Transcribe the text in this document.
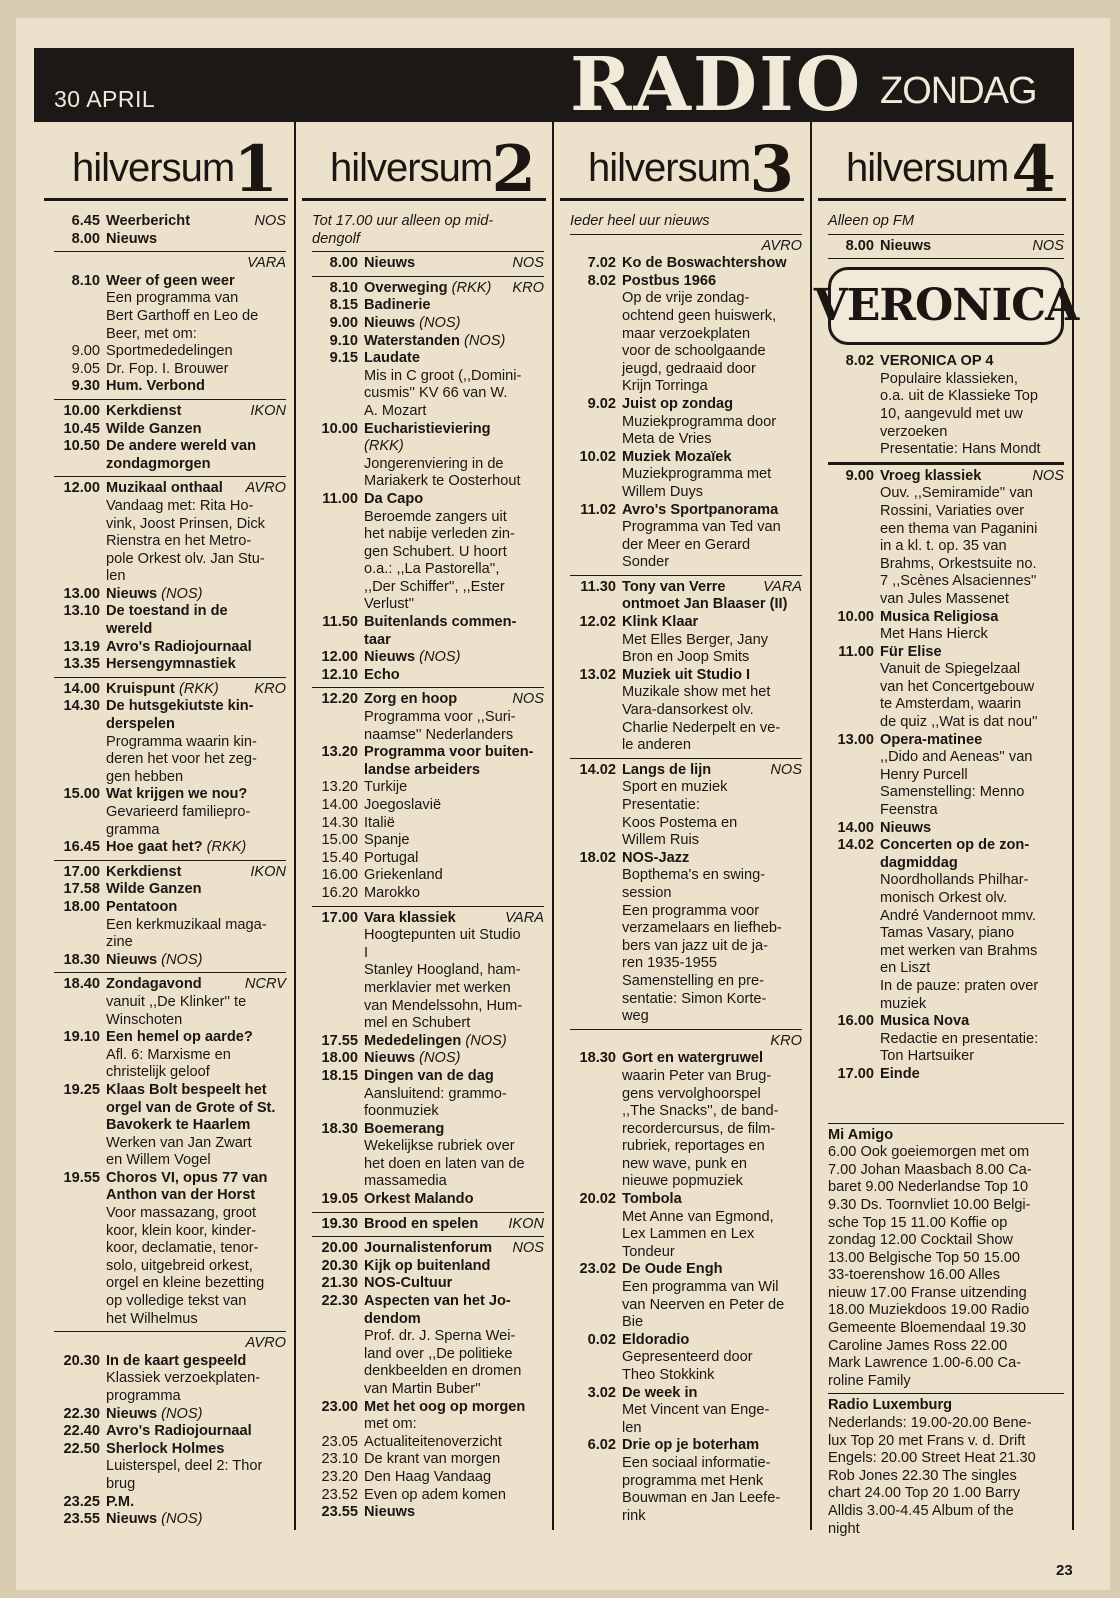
30 APRIL	RADIO ZONDAG
hilversum 1
6.45 Weerbericht	NOS
8.00 Nieuws
VARA
8.10 Weer of geen weer
Een programma van
Bert Garthoff en Leo de
Beer, met om:
9.00 Sportmededelingen
9.05 Dr. Fop. I. Brouwer
9.30 Hum. Verbond
10.00 Kerkdienst	IKON
10.45 Wilde Ganzen
10.50 De andere wereld van
zondagmorgen
12.00 Muzikaal onthaal AVRO
Vandaag met: Rita Ho-
vink, Joost Prinsen, Dick
Rienstra en het Metro-
pole Orkest olv. Jan Stu-
len
13.00 Nieuws (NOS)
13.10 De toestand in de
wereld
13.19 Avro's Radiojournaal
13.35 Hersengymnastiek
14.00 Kruispunt (RKK) KRO
14.30 De hutsgekiutste kin-
derspelen
Programma waarin kin-
deren het voor het zeg-
gen hebben
15.00 Wat krijgen we nou?
Gevarieerd familiepro-
gramma
16.45 Hoe gaat het? (RKK)
17.00 Kerkdienst	IKON
17.58 Wilde Ganzen
18.00 Pentatoon
Een kerkmuzikaal maga-
zine
18.30 Nieuws (NOS)
18.40 Zondagavond	NCRV
vanuit ,,De Klinker'' te
Winschoten
19.10 Een hemel op aarde?
Afl. 6: Marxisme en
christelijk geloof
19.25 Klaas Bolt bespeelt het
orgel van de Grote of St.
Bavokerk te Haarlem
Werken van Jan Zwart
en Willem Vogel
19.55 Choros VI, opus 77 van
Anthon van der Horst
Voor massazang, groot
koor, klein koor, kinder-
koor, declamatie, tenor-
solo, uitgebreid orkest,
orgel en kleine bezetting
op volledige tekst van
het Wilhelmus
AVRO
20.30 In de kaart gespeeld
Klassiek verzoekplaten-
programma
22.30 Nieuws (NOS)
22.40 Avro's Radiojournaal
22.50 Sherlock Holmes
Luisterspel, deel 2: Thor
brug
23.25 P.M.
23.55 Nieuws (NOS)
hilversum 2
Tot 17.00 uur alleen op mid-
dengolf
8.00 Nieuws	NOS
8.10 Overweging (RKK) KRO
8.15 Badinerie
9.00 Nieuws (NOS)
9.10 Waterstanden (NOS)
9.15 Laudate
Mis in C groot (,,Domini-
cusmis'' KV 66 van W.
A. Mozart
10.00 Eucharistieviering
(RKK)
Jongerenviering in de
Mariakerk te Oosterhout
11.00 Da Capo
Beroemde zangers uit
het nabije verleden zin-
gen Schubert. U hoort
o.a.: ,,La Pastorella'',
,,Der Schiffer'', ,,Ester
Verlust''
11.50 Buitenlands commen-
taar
12.00 Nieuws (NOS)
12.10 Echo
12.20 Zorg en hoop	NOS
Programma voor ,,Suri-
naamse'' Nederlanders
13.20 Programma voor buiten-
landse arbeiders
13.20 Turkije
14.00 Joegoslavië
14.30 Italië
15.00 Spanje
15.40 Portugal
16.00 Griekenland
16.20 Marokko
17.00 Vara klassiek	VARA
Hoogtepunten uit Studio
I
Stanley Hoogland, ham-
merklavier met werken
van Mendelssohn, Hum-
mel en Schubert
17.55 Mededelingen (NOS)
18.00 Nieuws (NOS)
18.15 Dingen van de dag
Aansluitend: grammo-
foonmuziek
18.30 Boemerang
Wekelijkse rubriek over
het doen en laten van de
massamedia
19.05 Orkest Malando
19.30 Brood en spelen IKON
20.00 Journalistenforum NOS
20.30 Kijk op buitenland
21.30 NOS-Cultuur
22.30 Aspecten van het Jo-
dendom
Prof. dr. J. Sperna Wei-
land over ,,De politieke
denkbeelden en dromen
van Martin Buber''
23.00 Met het oog op morgen
met om:
23.05 Actualiteitenoverzicht
23.10 De krant van morgen
23.20 Den Haag Vandaag
23.52 Even op adem komen
23.55 Nieuws
hilversum 3
Ieder heel uur nieuws
AVRO
7.02 Ko de Boswachtershow
8.02 Postbus 1966
Op de vrije zondag-
ochtend geen huiswerk,
maar verzoekplaten
voor de schoolgaande
jeugd, gedraaid door
Krijn Torringa
9.02 Juist op zondag
Muziekprogramma door
Meta de Vries
10.02 Muziek Mozaïek
Muziekprogramma met
Willem Duys
11.02 Avro's Sportpanorama
Programma van Ted van
der Meer en Gerard
Sonder
11.30 Tony van Verre	VARA
ontmoet Jan Blaaser (II)
12.02 Klink Klaar
Met Elles Berger, Jany
Bron en Joop Smits
13.02 Muziek uit Studio I
Muzikale show met het
Vara-dansorkest olv.
Charlie Nederpelt en ve-
le anderen
14.02 Langs de lijn	NOS
Sport en muziek
Presentatie:
Koos Postema en
Willem Ruis
18.02 NOS-Jazz
Bopthema's en swing-
session
Een programma voor
verzamelaars en liefheb-
bers van jazz uit de ja-
ren 1935-1955
Samenstelling en pre-
sentatie: Simon Korte-
weg
KRO
18.30 Gort en watergruwel
waarin Peter van Brug-
gens vervolghoorspel
,,The Snacks'', de band-
recordercursus, de film-
rubriek, reportages en
new wave, punk en
nieuwe popmuziek
20.02 Tombola
Met Anne van Egmond,
Lex Lammen en Lex
Tondeur
23.02 De Oude Engh
Een programma van Wil
van Neerven en Peter de
Bie
0.02 Eldoradio
Gepresenteerd door
Theo Stokkink
3.02 De week in
Met Vincent van Enge-
len
6.02 Drie op je boterham
Een sociaal informatie-
programma met Henk
Bouwman en Jan Leefe-
rink
hilversum 4
Alleen op FM
8.00 Nieuws	NOS
VERONICA
8.02 VERONICA OP 4
Populaire klassieken,
o.a. uit de Klassieke Top
10, aangevuld met uw
verzoeken
Presentatie: Hans Mondt
9.00 Vroeg klassiek	NOS
Ouv. ,,Semiramide'' van
Rossini, Variaties over
een thema van Paganini
in a kl. t. op. 35 van
Brahms, Orkestsuite no.
7 ,,Scènes Alsaciennes''
van Jules Massenet
10.00 Musica Religiosa
Met Hans Hierck
11.00 Für Elise
Vanuit de Spiegelzaal
van het Concertgebouw
te Amsterdam, waarin
de quiz ,,Wat is dat nou''
13.00 Opera-matinee
,,Dido and Aeneas'' van
Henry Purcell
Samenstelling: Menno
Feenstra
14.00 Nieuws
14.02 Concerten op de zon-
dagmiddag
Noordhollands Philhar-
monisch Orkest olv.
André Vandernoot mmv.
Tamas Vasary, piano
met werken van Brahms
en Liszt
In de pauze: praten over
muziek
16.00 Musica Nova
Redactie en presentatie:
Ton Hartsuiker
17.00 Einde
Mi Amigo
6.00 Ook goeiemorgen met om
7.00 Johan Maasbach 8.00 Ca-
baret 9.00 Nederlandse Top 10
9.30 Ds. Toornvliet 10.00 Belgi-
sche Top 15 11.00 Koffie op
zondag 12.00 Cocktail Show
13.00 Belgische Top 50 15.00
33-toerenshow 16.00 Alles
nieuw 17.00 Franse uitzending
18.00 Muziekdoos 19.00 Radio
Gemeente Bloemendaal 19.30
Caroline James Ross 22.00
Mark Lawrence 1.00-6.00 Ca-
roline Family
Radio Luxemburg
Nederlands: 19.00-20.00 Bene-
lux Top 20 met Frans v. d. Drift
Engels: 20.00 Street Heat 21.30
Rob Jones 22.30 The singles
chart 24.00 Top 20 1.00 Barry
Alldis 3.00-4.45 Album of the
night
23
